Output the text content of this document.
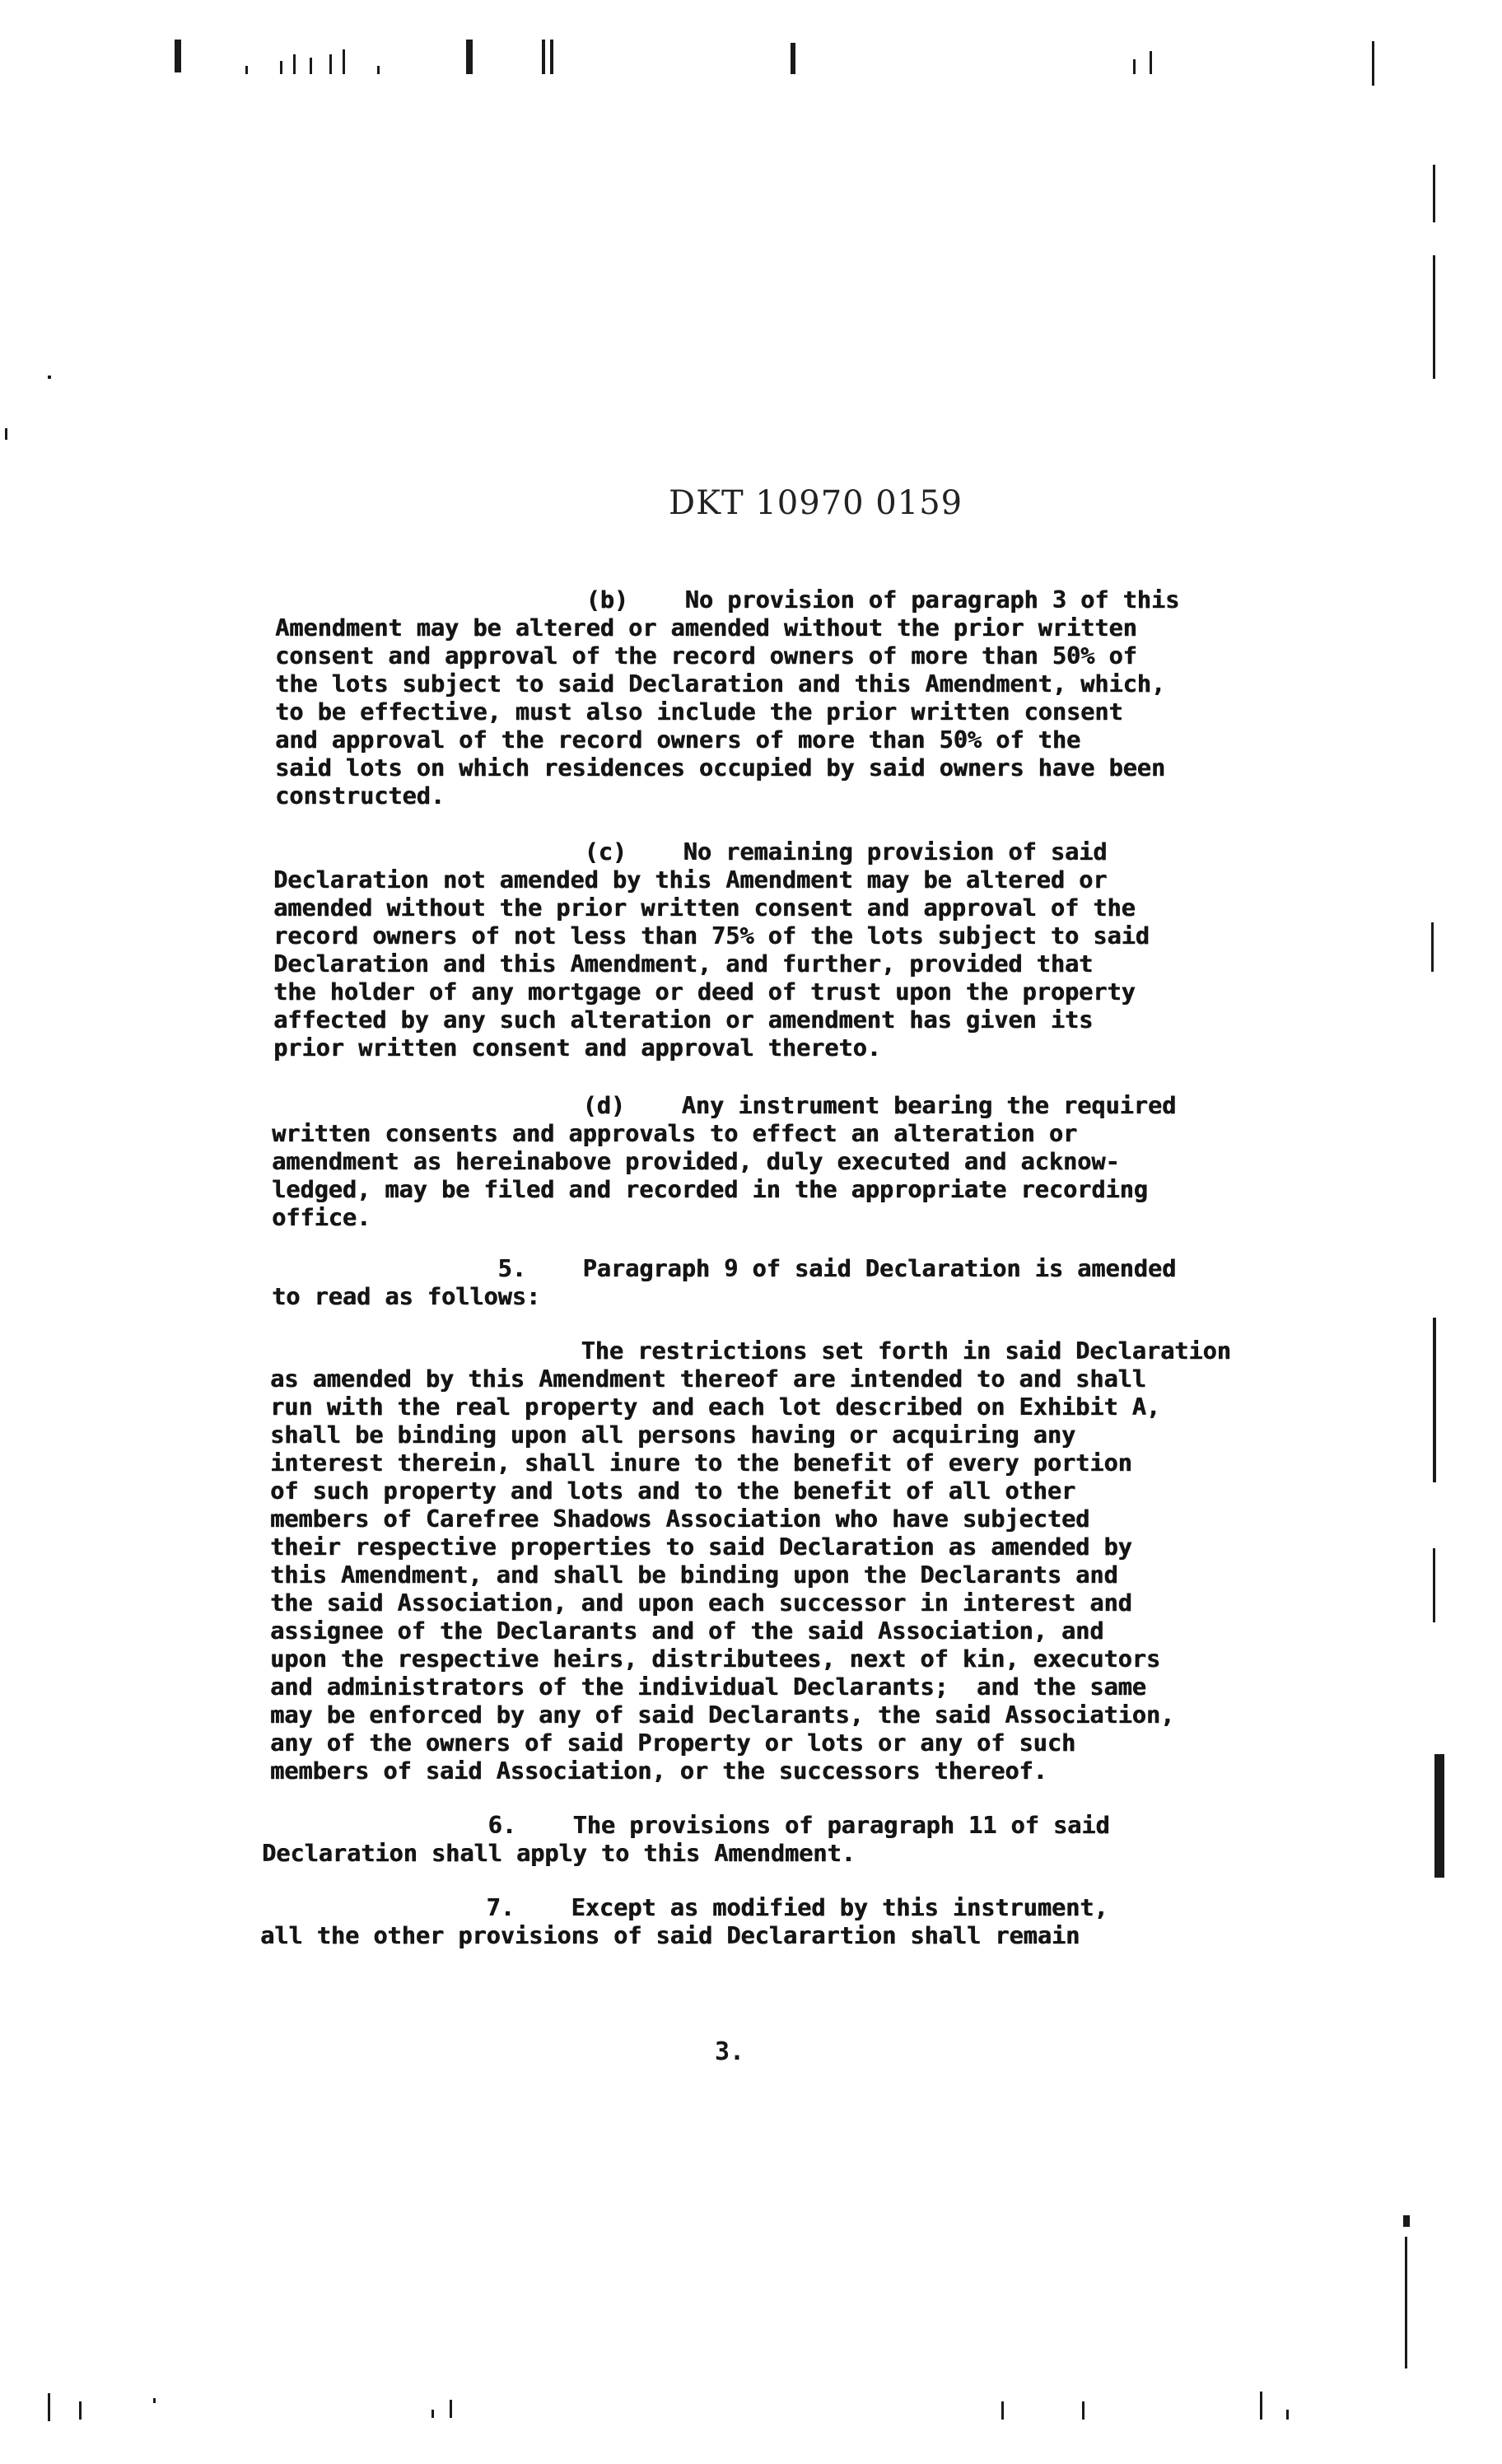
DKT 10970 0159
(b)    No provision of paragraph 3 of this
Amendment may be altered or amended without the prior written
consent and approval of the record owners of more than 50% of
the lots subject to said Declaration and this Amendment, which,
to be effective, must also include the prior written consent
and approval of the record owners of more than 50% of the
said lots on which residences occupied by said owners have been
constructed.
(c)    No remaining provision of said
Declaration not amended by this Amendment may be altered or
amended without the prior written consent and approval of the
record owners of not less than 75% of the lots subject to said
Declaration and this Amendment, and further, provided that
the holder of any mortgage or deed of trust upon the property
affected by any such alteration or amendment has given its
prior written consent and approval thereto.
(d)    Any instrument bearing the required
written consents and approvals to effect an alteration or
amendment as hereinabove provided, duly executed and acknow-
ledged, may be filed and recorded in the appropriate recording
office.
5.    Paragraph 9 of said Declaration is amended
to read as follows:
The restrictions set forth in said Declaration
as amended by this Amendment thereof are intended to and shall
run with the real property and each lot described on Exhibit A,
shall be binding upon all persons having or acquiring any
interest therein, shall inure to the benefit of every portion
of such property and lots and to the benefit of all other
members of Carefree Shadows Association who have subjected
their respective properties to said Declaration as amended by
this Amendment, and shall be binding upon the Declarants and
the said Association, and upon each successor in interest and
assignee of the Declarants and of the said Association, and
upon the respective heirs, distributees, next of kin, executors
and administrators of the individual Declarants;  and the same
may be enforced by any of said Declarants, the said Association,
any of the owners of said Property or lots or any of such
members of said Association, or the successors thereof.
6.    The provisions of paragraph 11 of said
Declaration shall apply to this Amendment.
7.    Except as modified by this instrument,
all the other provisions of said Declarartion shall remain
3.
